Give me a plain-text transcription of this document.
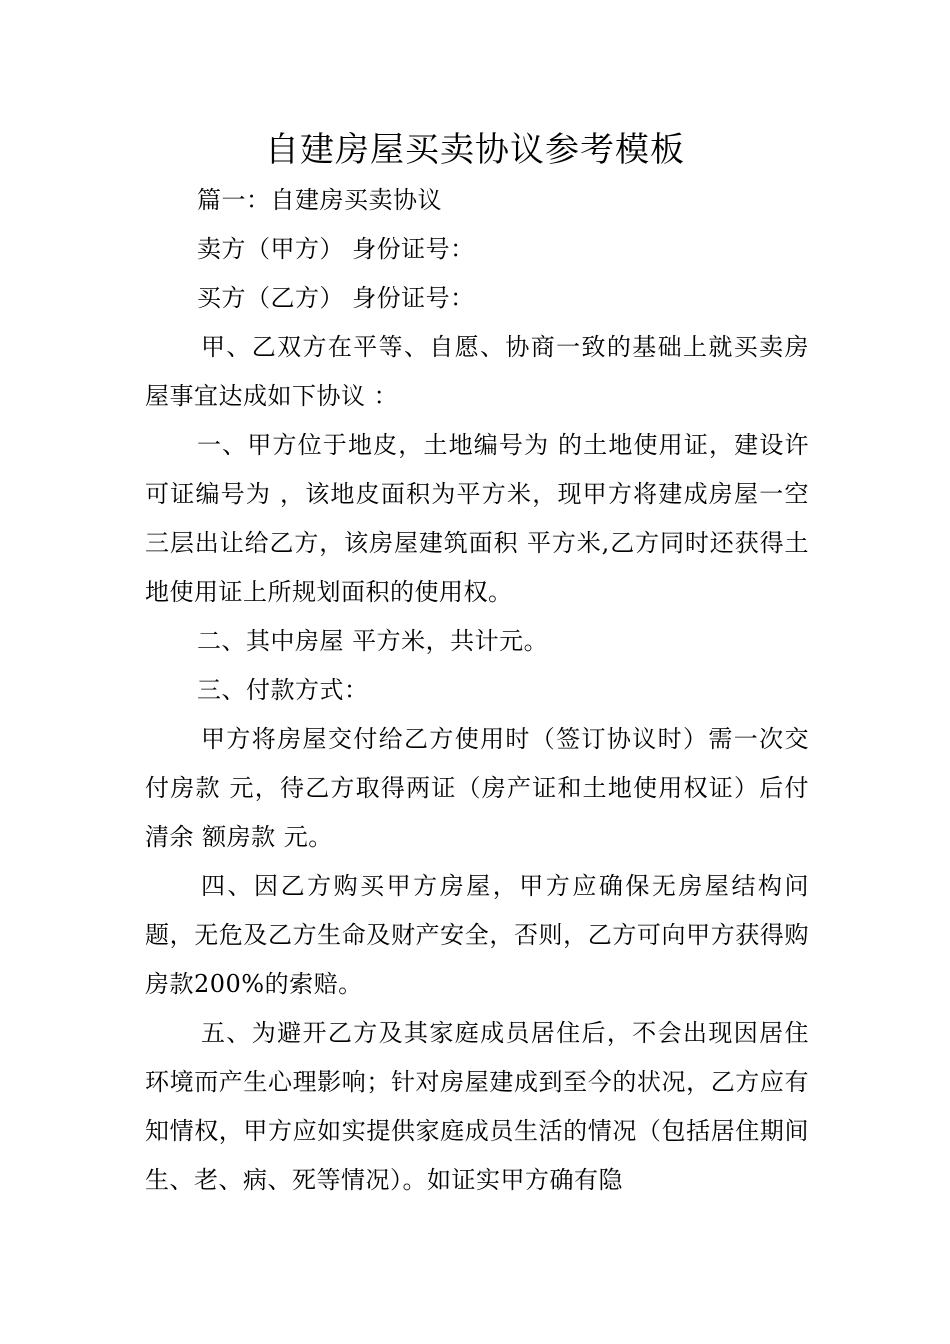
自建房屋买卖协议参考模板

篇一：自建房买卖协议

卖方（甲方） 身份证号：

买方（乙方） 身份证号：

甲、乙双方在平等、自愿、协商一致的基础上就买卖房屋事宜达成如下协议 ：

一、甲方位于地皮，土地编号为 的土地使用证，建设许可证编号为 ，该地皮面积为平方米，现甲方将建成房屋一空三层出让给乙方，该房屋建筑面积 平方米,乙方同时还获得土地使用证上所规划面积的使用权。

二、其中房屋 平方米，共计元。

三、付款方式：

甲方将房屋交付给乙方使用时（签订协议时）需一次交付房款 元，待乙方取得两证（房产证和土地使用权证）后付清余 额房款 元。

四、因乙方购买甲方房屋，甲方应确保无房屋结构问题，无危及乙方生命及财产安全，否则，乙方可向甲方获得购房款200%的索赔。

五、为避开乙方及其家庭成员居住后，不会出现因居住环境而产生心理影响；针对房屋建成到至今的状况，乙方应有知情权，甲方应如实提供家庭成员生活的情况（包括居住期间生、老、病、死等情况）。如证实甲方确有隐
